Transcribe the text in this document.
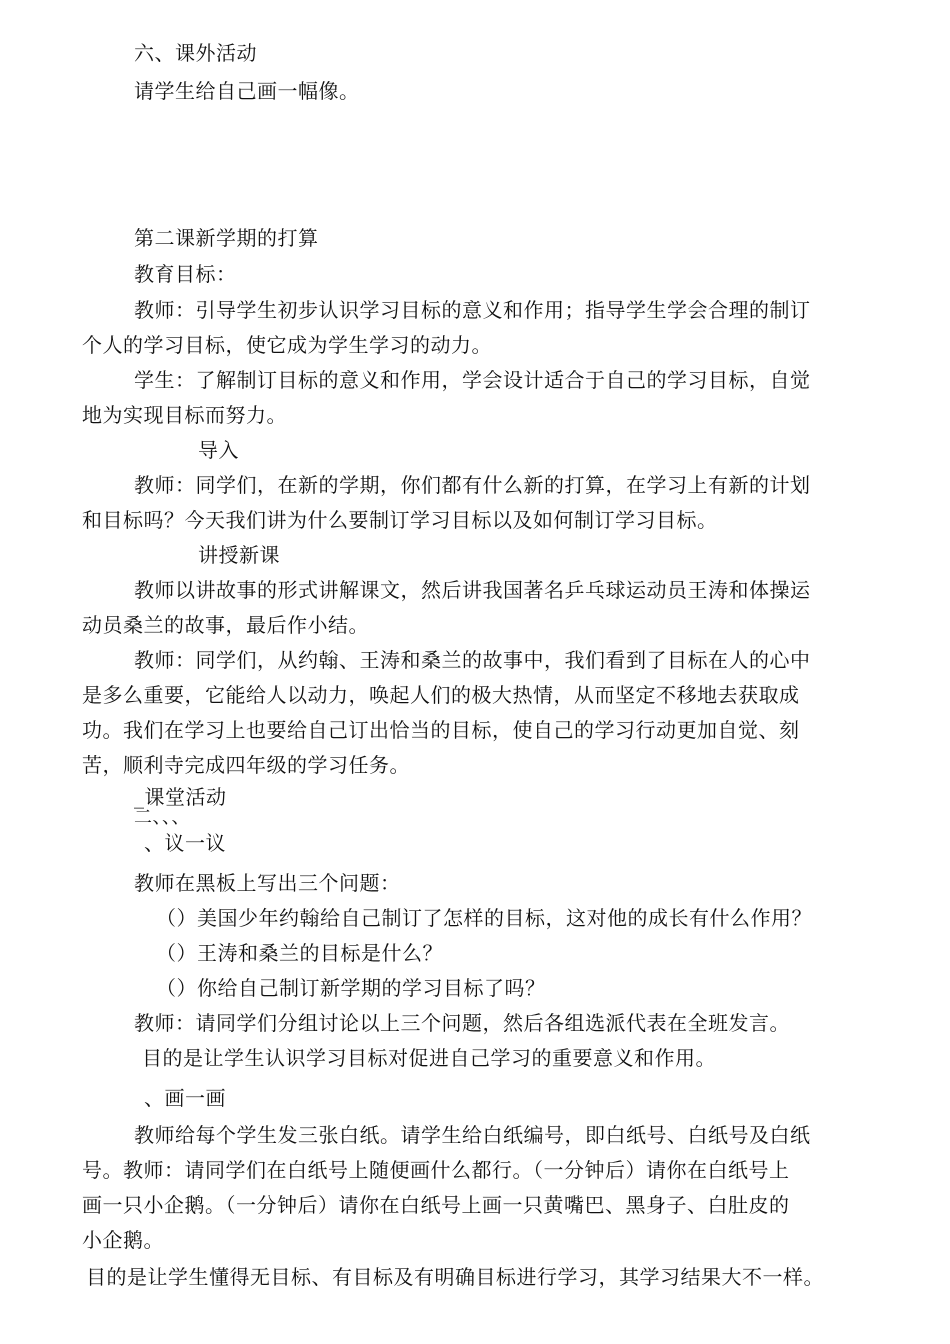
六、课外活动
请学生给自己画一幅像。
第二课新学期的打算
教育目标：
教师：引导学生初步认识学习目标的意义和作用；指导学生学会合理的制订
个人的学习目标，使它成为学生学习的动力。
学生：了解制订目标的意义和作用，学会设计适合于自己的学习目标，自觉
地为实现目标而努力。
导入
教师：同学们，在新的学期，你们都有什么新的打算，在学习上有新的计划
和目标吗？今天我们讲为什么要制订学习目标以及如何制订学习目标。
讲授新课
教师以讲故事的形式讲解课文，然后讲我国著名乒乓球运动员王涛和体操运
动员桑兰的故事，最后作小结。
教师：同学们，从约翰、王涛和桑兰的故事中，我们看到了目标在人的心中
是多么重要，它能给人以动力，唤起人们的极大热情，从而坚定不移地去获取成
功。我们在学习上也要给自己订出恰当的目标，使自己的学习行动更加自觉、刻
苦，顺利寺完成四年级的学习任务。
_课堂活动
二、、、
、议一议
教师在黑板上写出三个问题：
（）美国少年约翰给自己制订了怎样的目标，这对他的成长有什么作用？
（）王涛和桑兰的目标是什么？
（）你给自己制订新学期的学习目标了吗？
教师：请同学们分组讨论以上三个问题，然后各组选派代表在全班发言。
目的是让学生认识学习目标对促进自己学习的重要意义和作用。
、画一画
教师给每个学生发三张白纸。请学生给白纸编号，即白纸号、白纸号及白纸
号。教师：请同学们在白纸号上随便画什么都行。（一分钟后）请你在白纸号上
画一只小企鹅。（一分钟后）请你在白纸号上画一只黄嘴巴、黑身子、白肚皮的
小企鹅。
目的是让学生懂得无目标、有目标及有明确目标进行学习，其学习结果大不一样。
